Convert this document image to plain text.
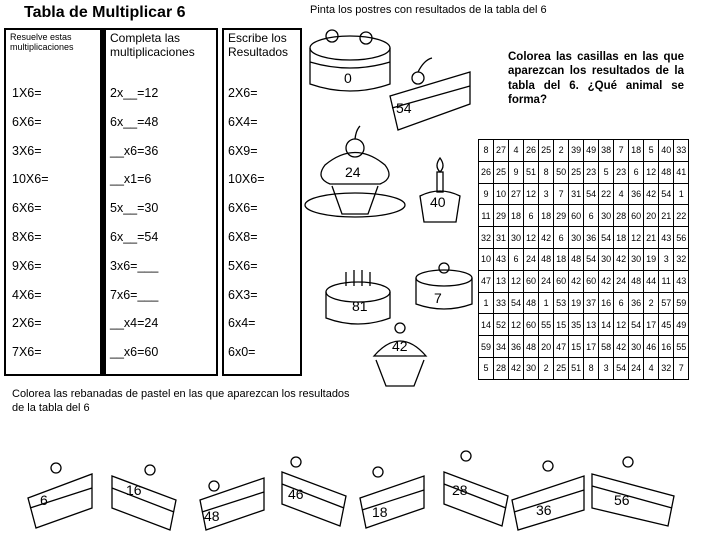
Tabla de Multiplicar 6	Pinta los postres con resultados de la tabla del 6
Resuelve estas multiplicaciones
Completa las multiplicaciones
Escribe los Resultados
1X6=	2x__=12	2X6=
6X6=	6x__=48	6X4=
3X6=	__x6=36	6X9=
10X6=	__x1=6	10X6=
6X6=	5x__=30	6X6=
8X6=	6x__=54	6X8=
9X6=	3x6=___	5X6=
4X6=	7x6=___	6X3=
2X6=	__x4=24	6x4=
7X6=	__x6=60	6x0=
0
54
24
40
81	7
42
Colorea las casillas en las que aparezcan los resultados de la tabla del 6. ¿Qué animal se forma?
8	27	4	26	25	2	39	49	38	7	18	5	40	33
26	25	9	51	8	50	25	23	5	23	6	12	48	41
9	10	27	12	3	7	31	54	22	4	36	42	54	1
11	29	18	6	18	29	60	6	30	28	60	20	21	22
32	31	30	12	42	6	30	36	54	18	12	21	43	56
10	43	6	24	48	18	48	54	30	42	30	19	3	32
47	13	12	60	24	60	42	60	42	24	48	44	11	43
1	33	54	48	1	53	19	37	16	6	36	2	57	59
14	52	12	60	55	15	35	13	14	12	54	17	45	49
59	34	36	48	20	47	15	17	58	42	30	46	16	55
5	28	42	30	2	25	51	8	3	54	24	4	32	7
Colorea las rebanadas de pastel en las que aparezcan los resultados de la tabla del 6
6
16
48
46
18
28
36
56
